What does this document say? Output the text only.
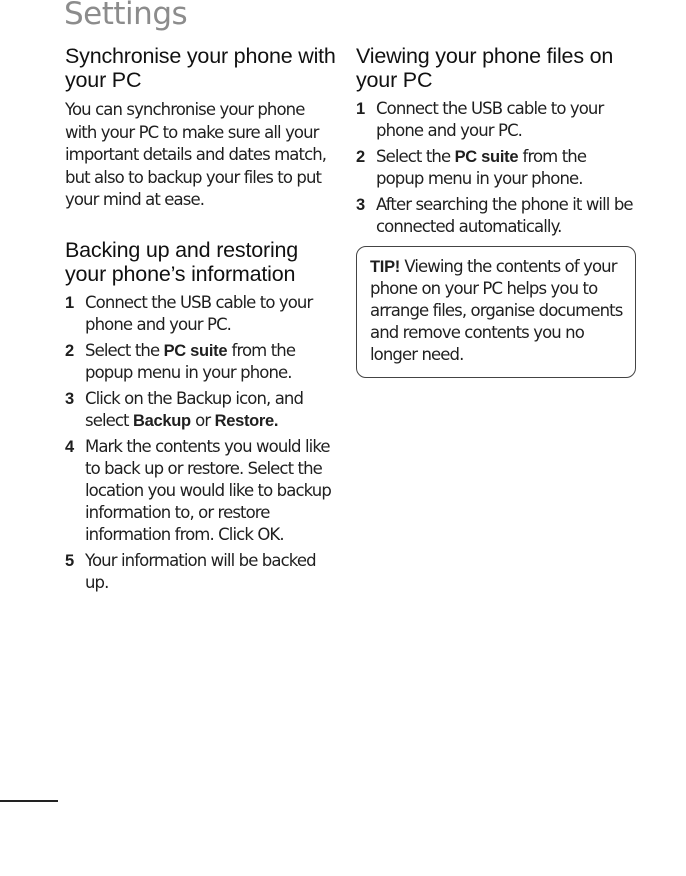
Settings
Synchronise your phone with your PC

You can synchronise your phone with your PC to make sure all your important details and dates match, but also to backup your files to put your mind at ease.

Backing up and restoring your phone’s information
1 Connect the USB cable to your phone and your PC.
2 Select the PC suite from the popup menu in your phone.
3 Click on the Backup icon, and select Backup or Restore.
4 Mark the contents you would like to back up or restore. Select the location you would like to backup information to, or restore information from. Click OK.
5 Your information will be backed up.
Viewing your phone files on your PC
1 Connect the USB cable to your phone and your PC.
2 Select the PC suite from the popup menu in your phone.
3 After searching the phone it will be connected automatically.
TIP! Viewing the contents of your phone on your PC helps you to arrange files, organise documents and remove contents you no longer need.
